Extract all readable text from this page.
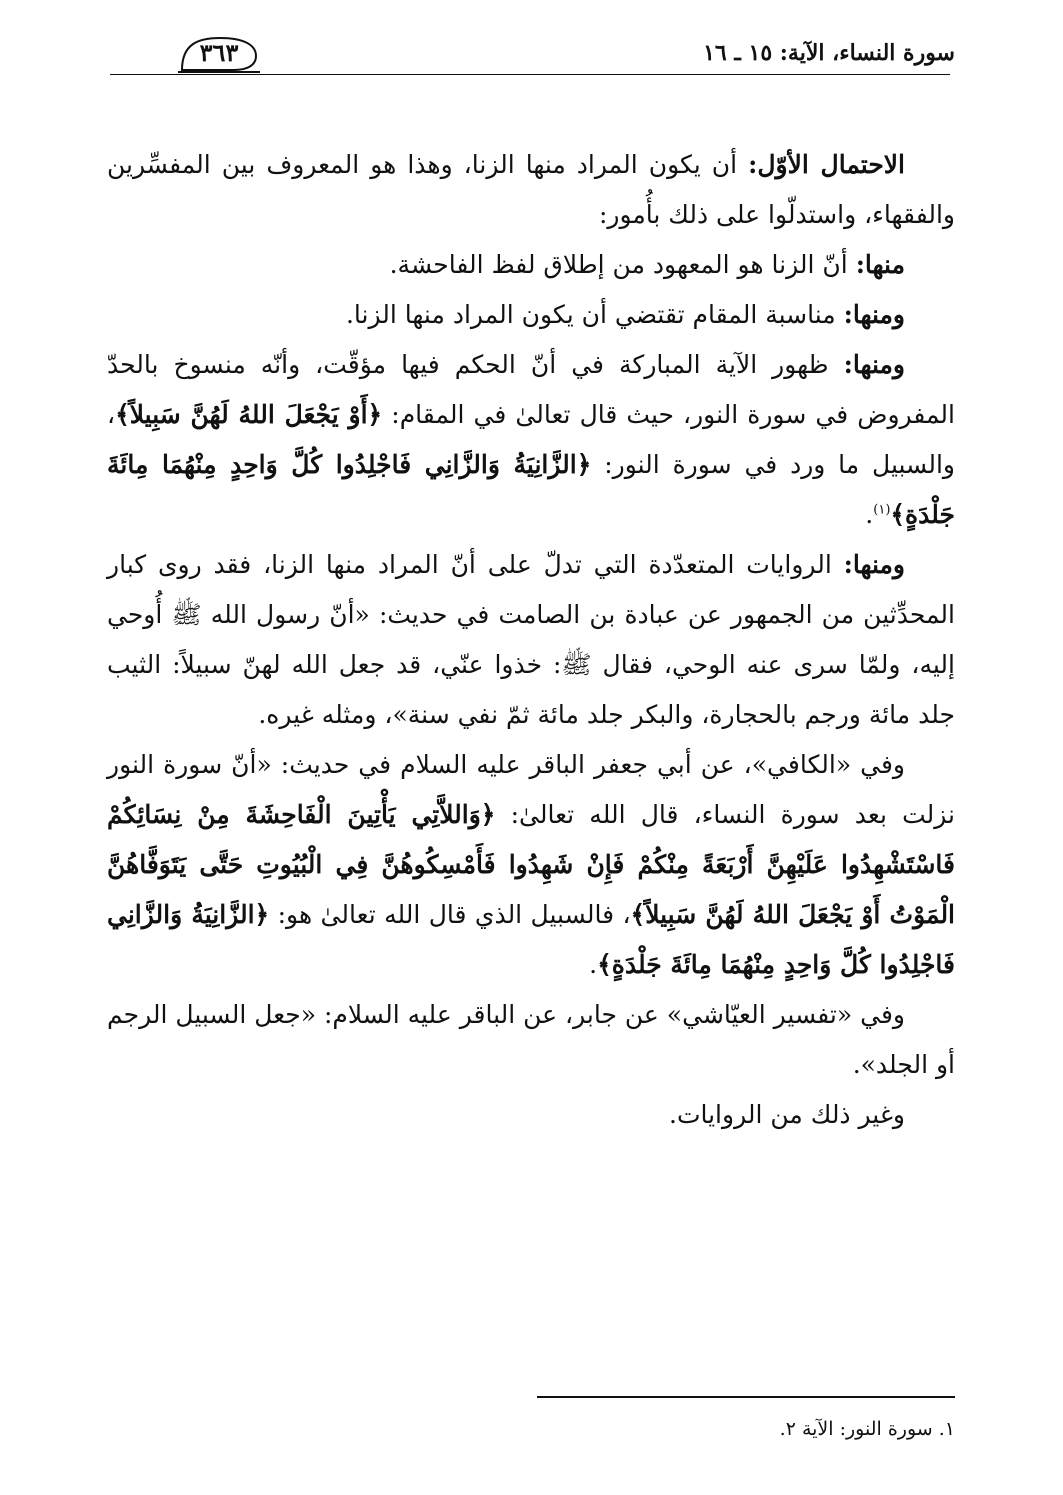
سورة النساء، الآية: ١٥ ـ ١٦
٣٦٣

الاحتمال الأوّل: أن يكون المراد منها الزنا، وهذا هو المعروف بين المفسِّرين والفقهاء، واستدلّوا على ذلك بأُمور:

منها: أنّ الزنا هو المعهود من إطلاق لفظ الفاحشة.

ومنها: مناسبة المقام تقتضي أن يكون المراد منها الزنا.

ومنها: ظهور الآية المباركة في أنّ الحكم فيها مؤقّت، وأنّه منسوخ بالحدّ المفروض في سورة النور، حيث قال تعالىٰ في المقام: ﴿أَوْ يَجْعَلَ اللهُ لَهُنَّ سَبِيلاً﴾، والسبيل ما ورد في سورة النور: ﴿الزَّانِيَةُ وَالزَّانِي فَاجْلِدُوا كُلَّ وَاحِدٍ مِنْهُمَا مِائَةَ جَلْدَةٍ﴾$^{(١)}$.

ومنها: الروايات المتعدّدة التي تدلّ على أنّ المراد منها الزنا، فقد روى كبار المحدِّثين من الجمهور عن عبادة بن الصامت في حديث: «أنّ رسول الله ﷺ أُوحي إليه، ولمّا سرى عنه الوحي، فقال ﷺ: خذوا عنّي، قد جعل الله لهنّ سبيلاً: الثيب جلد مائة ورجم بالحجارة، والبكر جلد مائة ثمّ نفي سنة»، ومثله غيره.

وفي «الكافي»، عن أبي جعفر الباقر عليه السلام في حديث: «أنّ سورة النور نزلت بعد سورة النساء، قال الله تعالىٰ: ﴿وَاللاَّتِي يَأْتِينَ الْفَاحِشَةَ مِنْ نِسَائِكُمْ فَاسْتَشْهِدُوا عَلَيْهِنَّ أَرْبَعَةً مِنْكُمْ فَإِنْ شَهِدُوا فَأَمْسِكُوهُنَّ فِي الْبُيُوتِ حَتَّى يَتَوَفَّاهُنَّ الْمَوْتُ أَوْ يَجْعَلَ اللهُ لَهُنَّ سَبِيلاً﴾، فالسبيل الذي قال الله تعالىٰ هو: ﴿الزَّانِيَةُ وَالزَّانِي فَاجْلِدُوا كُلَّ وَاحِدٍ مِنْهُمَا مِائَةَ جَلْدَةٍ﴾.

وفي «تفسير العيّاشي» عن جابر، عن الباقر عليه السلام: «جعل السبيل الرجم أو الجلد».

وغير ذلك من الروايات.

١. سورة النور: الآية ٢.
